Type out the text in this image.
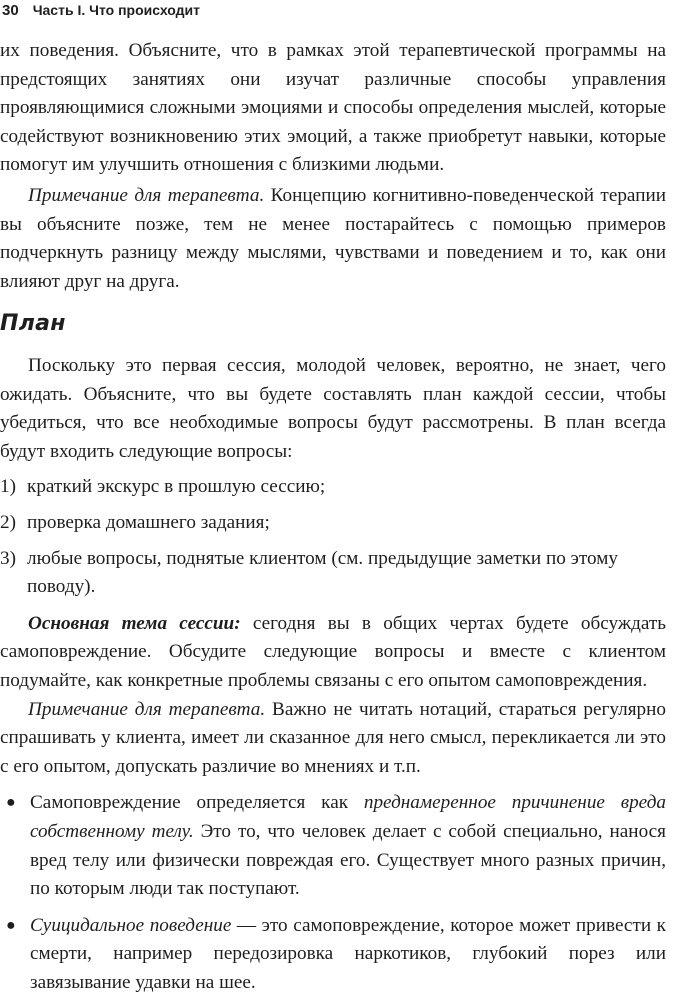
30 Часть I. Что происходит

их поведения. Объясните, что в рамках этой терапевтической программы на предстоящих занятиях они изучат различные способы управления проявляющимися сложными эмоциями и способы определения мыслей, которые содействуют возникновению этих эмоций, а также приобретут навыки, которые помогут им улучшить отношения с близкими людьми.

Примечание для терапевта. Концепцию когнитивно-поведенческой терапии вы объясните позже, тем не менее постарайтесь с помощью примеров подчеркнуть разницу между мыслями, чувствами и поведением и то, как они влияют друг на друга.

План

Поскольку это первая сессия, молодой человек, вероятно, не знает, чего ожидать. Объясните, что вы будете составлять план каждой сессии, чтобы убедиться, что все необходимые вопросы будут рассмотрены. В план всегда будут входить следующие вопросы:

1) краткий экскурс в прошлую сессию;

2) проверка домашнего задания;

3) любые вопросы, поднятые клиентом (см. предыдущие заметки по этому поводу).

Основная тема сессии: сегодня вы в общих чертах будете обсуждать самоповреждение. Обсудите следующие вопросы и вместе с клиентом подумайте, как конкретные проблемы связаны с его опытом самоповреждения.

Примечание для терапевта. Важно не читать нотаций, стараться регулярно спрашивать у клиента, имеет ли сказанное для него смысл, перекликается ли это с его опытом, допускать различие во мнениях и т.п.

● Самоповреждение определяется как преднамеренное причинение вреда собственному телу. Это то, что человек делает с собой специально, нанося вред телу или физически повреждая его. Существует много разных причин, по которым люди так поступают.

● Суицидальное поведение — это самоповреждение, которое может привести к смерти, например передозировка наркотиков, глубокий порез или завязывание удавки на шее.
